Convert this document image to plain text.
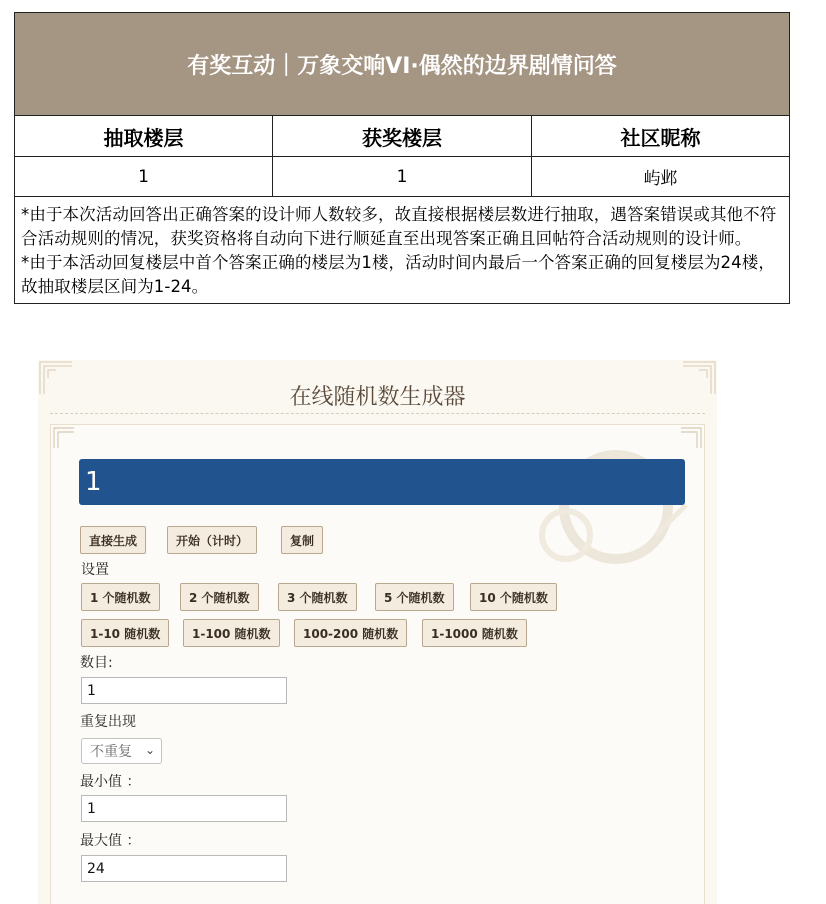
有奖互动｜万象交响VI·偶然的边界剧情问答
抽取楼层	获奖楼层	社区昵称
1	1	屿邺

*由于本次活动回答出正确答案的设计师人数较多，故直接根据楼层数进行抽取，遇答案错误或其他不符合活动规则的情况，获奖资格将自动向下进行顺延直至出现答案正确且回帖符合活动规则的设计师。

*由于本活动回复楼层中首个答案正确的楼层为1楼，活动时间内最后一个答案正确的回复楼层为24楼，故抽取楼层区间为1-24。

在线随机数生成器
1
直接生成	开始（计时）	复制
设置
1 个随机数	2 个随机数	3 个随机数	5 个随机数	10 个随机数
1-10 随机数	1-100 随机数	100-200 随机数	1-1000 随机数
数目:
1
重复出现
不重复 ⌄
最小值 ：
1
最大值 ：
24
